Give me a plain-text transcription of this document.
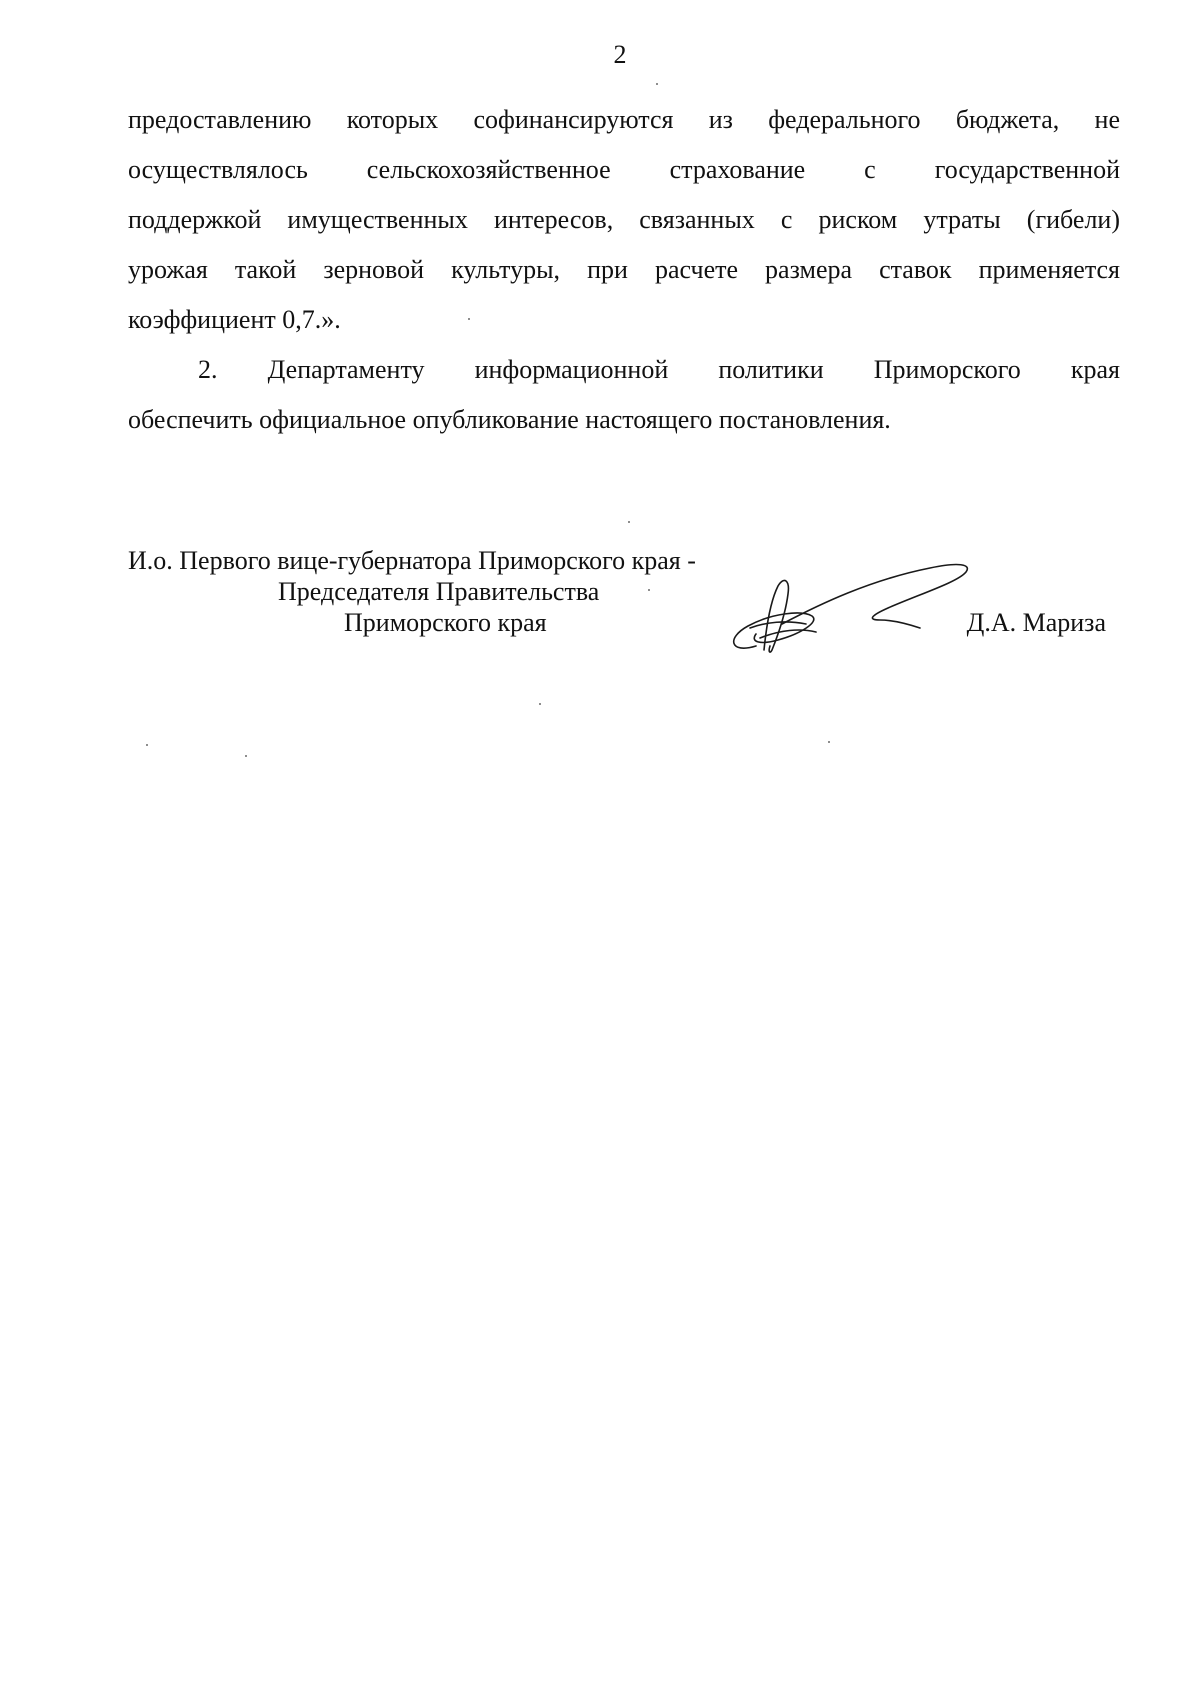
2
предоставлению которых софинансируются из федерального бюджета, не
осуществлялось сельскохозяйственное страхование с государственной
поддержкой имущественных интересов, связанных с риском утраты (гибели)
урожая такой зерновой культуры, при расчете размера ставок применяется
коэффициент 0,7.».
2. Департаменту информационной политики Приморского края
обеспечить официальное опубликование настоящего постановления.
И.о. Первого вице-губернатора Приморского края -
Председателя Правительства
Приморского края	Д.А. Мариза
